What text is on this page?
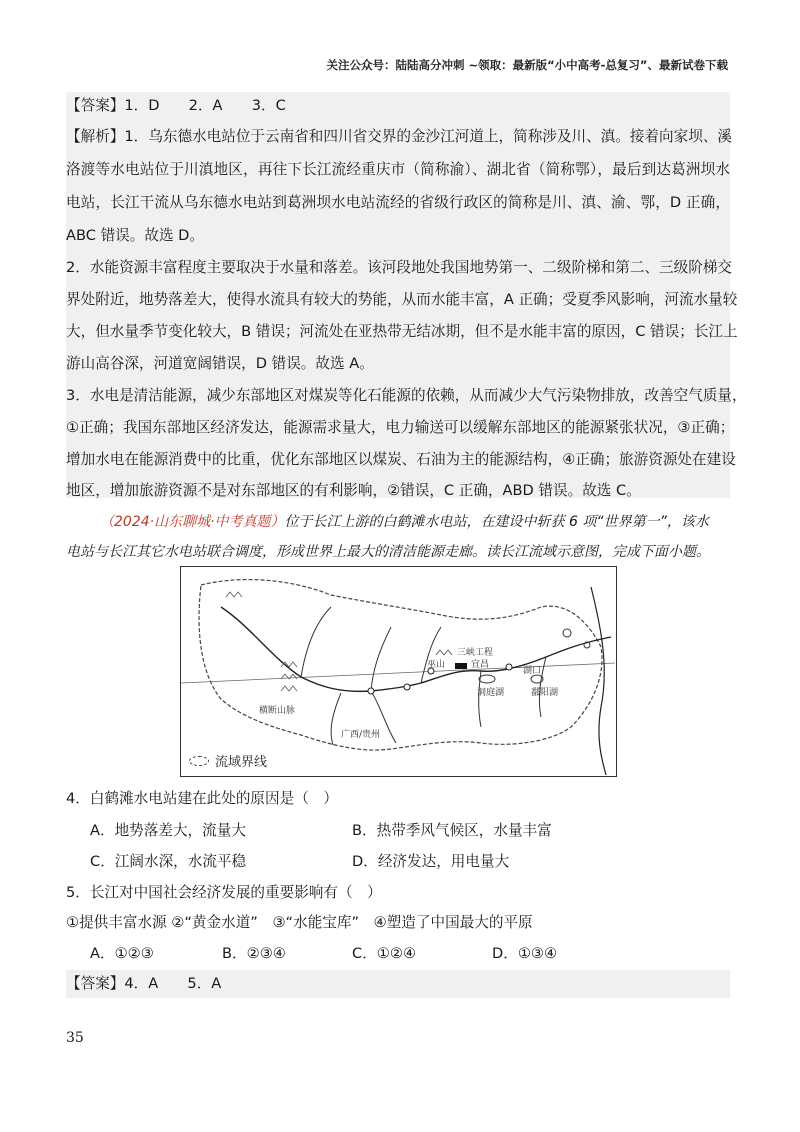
关注公众号：陆陆高分冲刺 ~领取：最新版“小中高考-总复习”、最新试卷下载
【答案】1．D　　2．A　　3．C
【解析】1．乌东德水电站位于云南省和四川省交界的金沙江河道上，简称涉及川、滇。接着向家坝、溪
洛渡等水电站位于川滇地区，再往下长江流经重庆市（简称渝）、湖北省（简称鄂），最后到达葛洲坝水
电站，长江干流从乌东德水电站到葛洲坝水电站流经的省级行政区的简称是川、滇、渝、鄂，D 正确，
ABC 错误。故选 D。
2．水能资源丰富程度主要取决于水量和落差。该河段地处我国地势第一、二级阶梯和第二、三级阶梯交
界处附近，地势落差大，使得水流具有较大的势能，从而水能丰富，A 正确；受夏季风影响，河流水量较
大，但水量季节变化较大，B 错误；河流处在亚热带无结冰期，但不是水能丰富的原因，C 错误；长江上
游山高谷深，河道宽阔错误，D 错误。故选 A。
3．水电是清洁能源，减少东部地区对煤炭等化石能源的依赖，从而减少大气污染物排放，改善空气质量，
①正确；我国东部地区经济发达，能源需求量大，电力输送可以缓解东部地区的能源紧张状况，③正确；
增加水电在能源消费中的比重，优化东部地区以煤炭、石油为主的能源结构，④正确；旅游资源处在建设
地区，增加旅游资源不是对东部地区的有利影响，②错误，C 正确，ABD 错误。故选 C。
（2024·山东聊城·中考真题）位于长江上游的白鹤滩水电站，在建设中斩获 6 项“世界第一”，该水
电站与长江其它水电站联合调度，形成世界上最大的清洁能源走廊。读长江流域示意图，完成下面小题。
三峡工程
宜昌
巫山
湖口
洞庭湖	鄱阳湖
横断山脉
广西/贵州
流域界线
4．白鹤滩水电站建在此处的原因是（　）
A．地势落差大，流量大	B．热带季风气候区，水量丰富
C．江阔水深，水流平稳	D．经济发达，用电量大
5．长江对中国社会经济发展的重要影响有（　）
①提供丰富水源 ②“黄金水道”　③“水能宝库”　④塑造了中国最大的平原
A．①②③	B．②③④	C．①②④	D．①③④
【答案】4．A　　5．A
35
